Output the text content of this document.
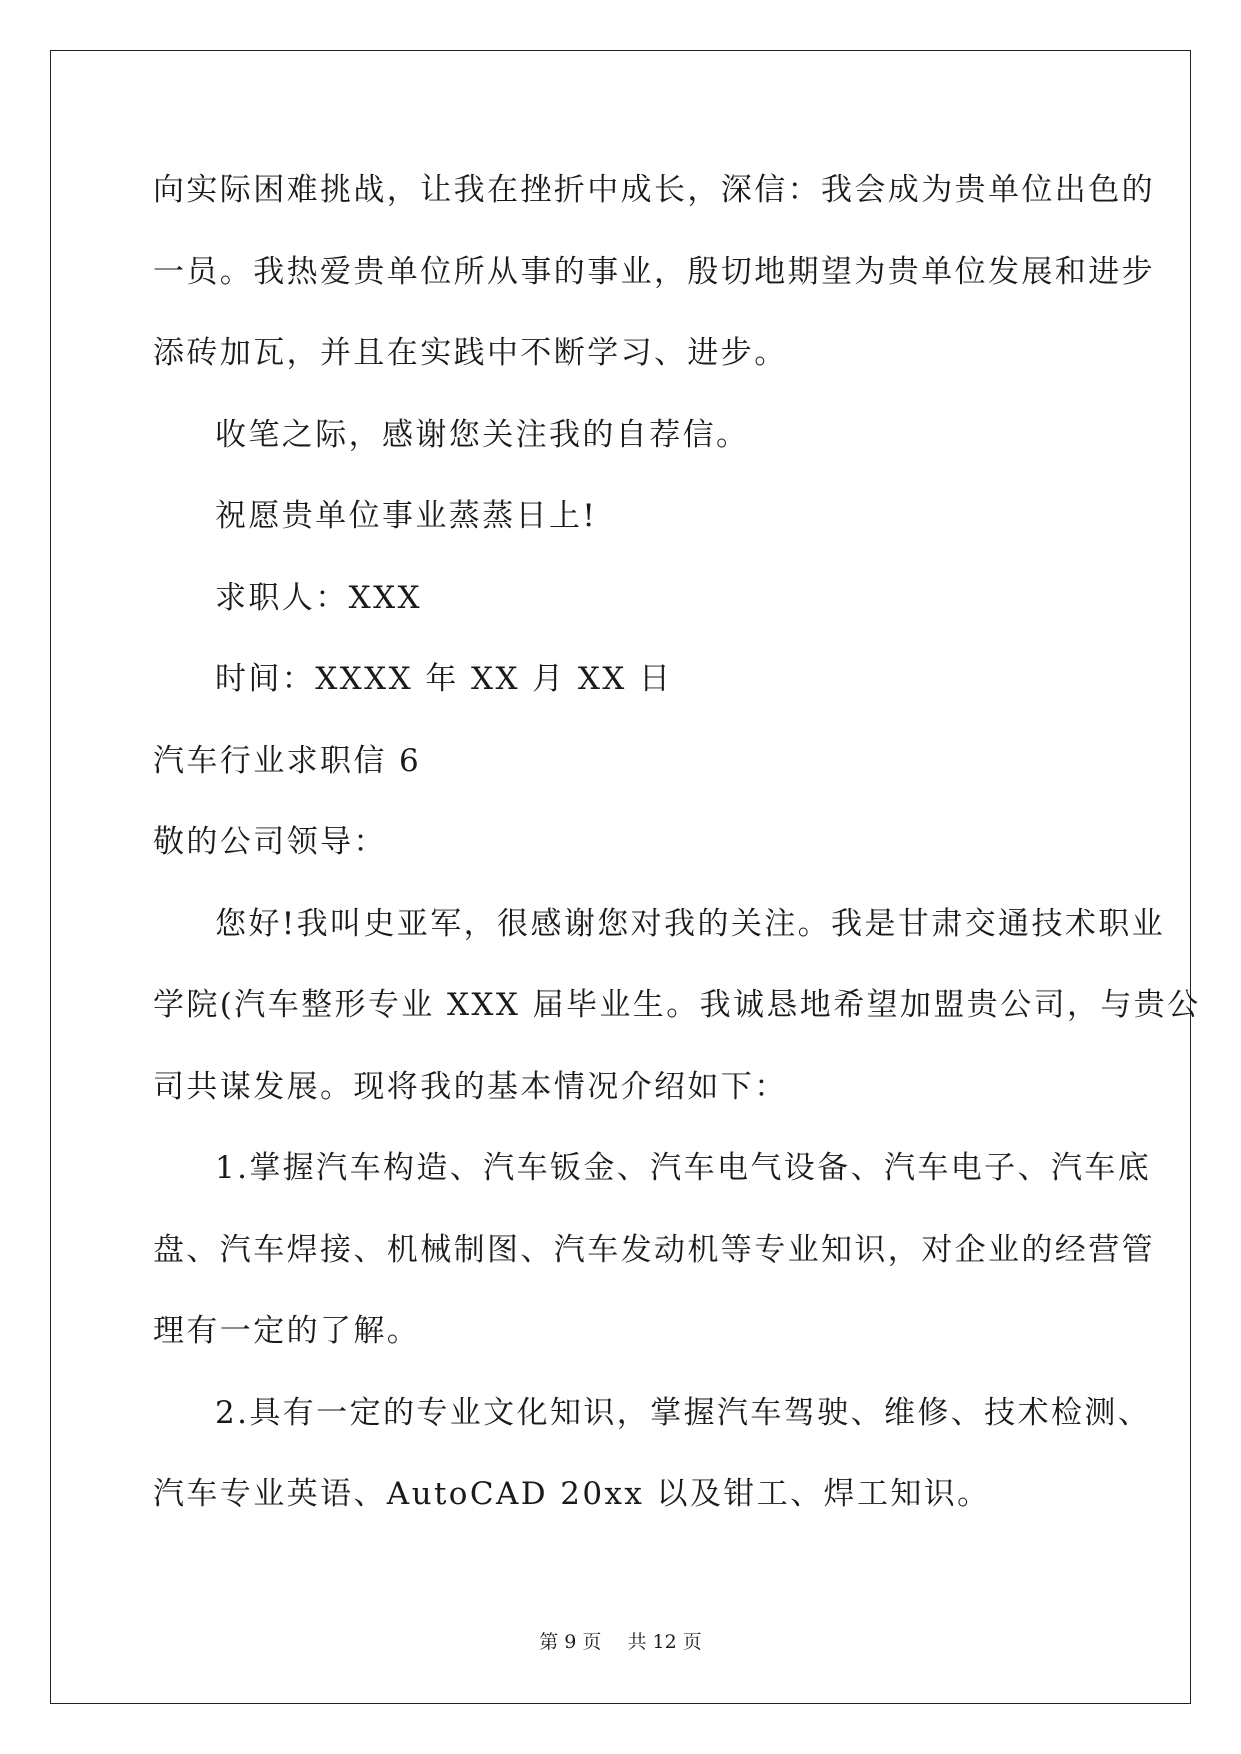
向实际困难挑战，让我在挫折中成长，深信：我会成为贵单位出色的
一员。我热爱贵单位所从事的事业，殷切地期望为贵单位发展和进步
添砖加瓦，并且在实践中不断学习、进步。
收笔之际，感谢您关注我的自荐信。
祝愿贵单位事业蒸蒸日上!
求职人：XXX
时间：XXXX 年 XX 月 XX 日
汽车行业求职信 6
敬的公司领导：
您好!我叫史亚军，很感谢您对我的关注。我是甘肃交通技术职业
学院(汽车整形专业 XXX 届毕业生。我诚恳地希望加盟贵公司，与贵公
司共谋发展。现将我的基本情况介绍如下：
1.掌握汽车构造、汽车钣金、汽车电气设备、汽车电子、汽车底
盘、汽车焊接、机械制图、汽车发动机等专业知识，对企业的经营管
理有一定的了解。
2.具有一定的专业文化知识，掌握汽车驾驶、维修、技术检测、
汽车专业英语、AutoCAD 20xx 以及钳工、焊工知识。
第 9 页 共 12 页
